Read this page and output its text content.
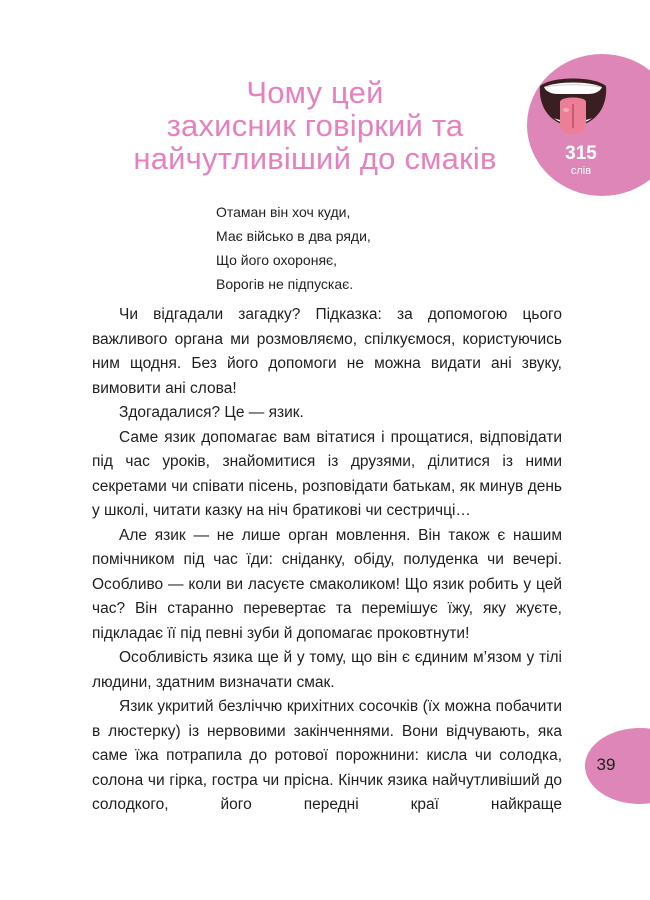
315
слів
Чому цей
захисник говіркий та
найчутливіший до смаків
Отаман він хоч куди,
Має військо в два ряди,
Що його охороняє,
Ворогів не підпускає.

Чи відгадали загадку? Підказка: за допомогою цього важливого органа ми розмовляємо, спілкуємося, користуючись ним щодня. Без його допомоги не можна видати ані звуку, вимовити ані слова!

Здогадалися? Це — язик.

Саме язик допомагає вам вітатися і прощатися, відповідати під час уроків, знайомитися із друзями, ділитися із ними секретами чи співати пісень, розповідати батькам, як минув день у школі, читати казку на ніч братикові чи сестричці…

Але язик — не лише орган мовлення. Він також є нашим помічником під час їди: сніданку, обіду, полуденка чи вечері. Особливо — коли ви ласуєте смаколиком! Що язик робить у цей час? Він старанно перевертає та перемішує їжу, яку жуєте, підкладає її під певні зуби й допомагає проковтнути!

Особливість язика ще й у тому, що він є єдиним м’язом у тілі людини, здатним визначати смак.

Язик укритий безліччю крихітних сосочків (їх можна побачити в люстерку) із нервовими закінченнями. Вони відчувають, яка саме їжа потрапила до ротової порожнини: кисла чи солодка, солона чи гірка, гостра чи прісна. Кінчик язика найчутливіший до солодкого, його передні краї найкраще

39
